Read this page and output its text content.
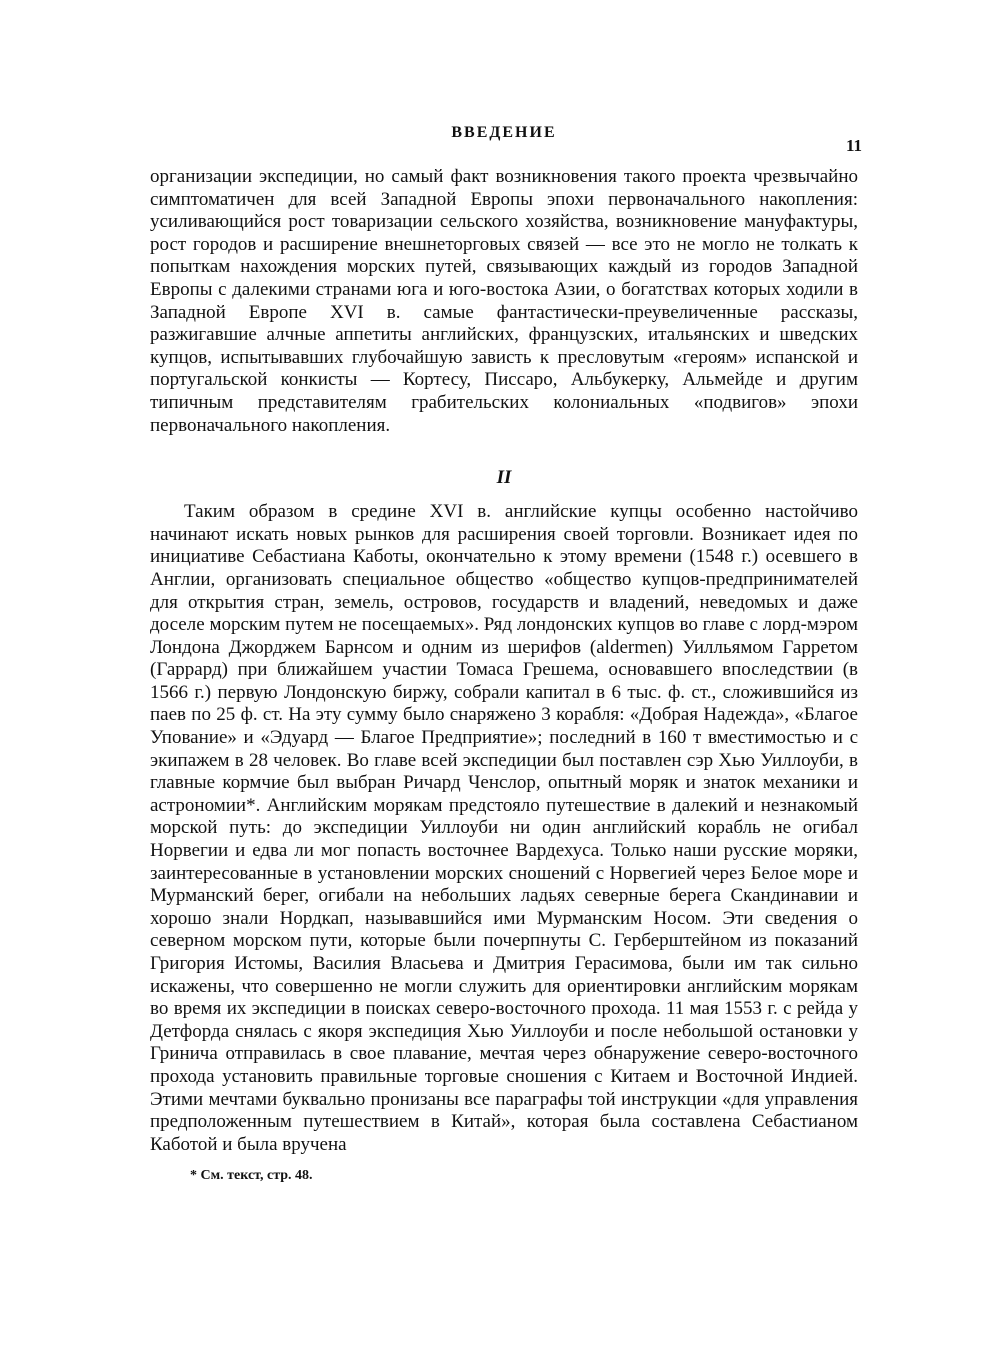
ВВЕДЕНИЕ
11

организации экспедиции, но самый факт возникновения такого проекта чрезвычайно симптоматичен для всей Западной Европы эпохи первоначального накопления: усиливающийся рост товаризации сельского хозяйства, возникновение мануфактуры, рост городов и расширение внешнеторговых связей — все это не могло не толкать к попыткам нахождения морских путей, связывающих каждый из городов Западной Европы с далекими странами юга и юго-востока Азии, о богатствах которых ходили в Западной Европе XVI в. самые фантастически-преувеличенные рассказы, разжигавшие алчные аппетиты английских, французских, итальянских и шведских купцов, испытывавших глубочайшую зависть к пресловутым «героям» испанской и португальской конкисты — Кортесу, Писсаро, Альбукерку, Альмейде и другим типичным представителям грабительских колониальных «подвигов» эпохи первоначального накопления.

II

Таким образом в средине XVI в. английские купцы особенно настойчиво начинают искать новых рынков для расширения своей торговли. Возникает идея по инициативе Себастиана Каботы, окончательно к этому времени (1548 г.) осевшего в Англии, организовать специальное общество «общество купцов-предпринимателей для открытия стран, земель, островов, государств и владений, неведомых и даже доселе морским путем не посещаемых». Ряд лондонских купцов во главе с лорд-мэром Лондона Джорджем Барнсом и одним из шерифов (aldermen) Уилльямом Гарретом (Гаррард) при ближайшем участии Томаса Грешема, основавшего впоследствии (в 1566 г.) первую Лондонскую биржу, собрали капитал в 6 тыс. ф. ст., сложившийся из паев по 25 ф. ст. На эту сумму было снаряжено 3 корабля: «Добрая Надежда», «Благое Упование» и «Эдуард — Благое Предприятие»; последний в 160 т вместимостью и с экипажем в 28 человек. Во главе всей экспедиции был поставлен сэр Хью Уиллоуби, в главные кормчие был выбран Ричард Ченслор, опытный моряк и знаток механики и астрономии*. Английским морякам предстояло путешествие в далекий и незнакомый морской путь: до экспедиции Уиллоуби ни один английский корабль не огибал Норвегии и едва ли мог попасть восточнее Вардехуса. Только наши русские моряки, заинтересованные в установлении морских сношений с Норвегией через Белое море и Мурманский берег, огибали на небольших ладьях северные берега Скандинавии и хорошо знали Нордкап, называвшийся ими Мурманским Носом. Эти сведения о северном морском пути, которые были почерпнуты С. Герберштейном из показаний Григория Истомы, Василия Власьева и Дмитрия Герасимова, были им так сильно искажены, что совершенно не могли служить для ориентировки английским морякам во время их экспедиции в поисках северо-восточного прохода. 11 мая 1553 г. с рейда у Детфорда снялась с якоря экспедиция Хью Уиллоуби и после небольшой остановки у Гринича отправилась в свое плавание, мечтая через обнаружение северо-восточного прохода установить правильные торговые сношения с Китаем и Восточной Индией. Этими мечтами буквально пронизаны все параграфы той инструкции «для управления предположенным путешествием в Китай», которая была составлена Себастианом Каботой и была вручена

* См. текст, стр. 48.
